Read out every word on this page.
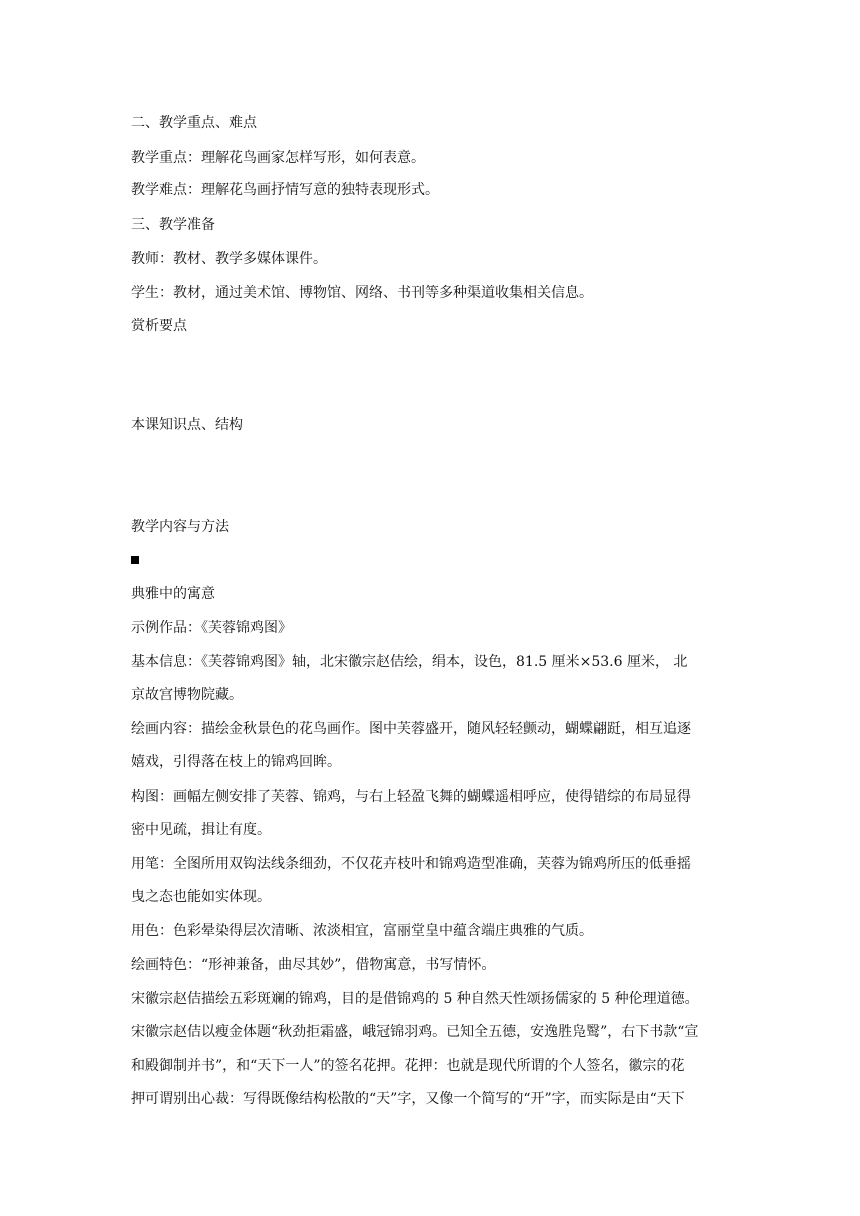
二、教学重点、难点
教学重点：理解花鸟画家怎样写形，如何表意。
教学难点：理解花鸟画抒情写意的独特表现形式。
三、教学准备
教师：教材、教学多媒体课件。
学生：教材，通过美术馆、博物馆、网络、书刊等多种渠道收集相关信息。
赏析要点
本课知识点、结构
教学内容与方法
典雅中的寓意
示例作品：《芙蓉锦鸡图》
基本信息：《芙蓉锦鸡图》轴，北宋徽宗赵佶绘，绢本，设色，81.5 厘米×53.6 厘米， 北
京故宫博物院藏。
绘画内容：描绘金秋景色的花鸟画作。图中芙蓉盛开，随风轻轻颤动，蝴蝶翩跹，相互追逐
嬉戏，引得落在枝上的锦鸡回眸。
构图：画幅左侧安排了芙蓉、锦鸡，与右上轻盈飞舞的蝴蝶遥相呼应，使得错综的布局显得
密中见疏，揖让有度。
用笔：全图所用双钩法线条细劲，不仅花卉枝叶和锦鸡造型准确，芙蓉为锦鸡所压的低垂摇
曳之态也能如实体现。
用色：色彩晕染得层次清晰、浓淡相宜，富丽堂皇中蕴含端庄典雅的气质。
绘画特色：“形神兼备，曲尽其妙”，借物寓意，书写情怀。
宋徽宗赵佶描绘五彩斑斓的锦鸡，目的是借锦鸡的 5 种自然天性颂扬儒家的 5 种伦理道德。
宋徽宗赵佶以瘦金体题“秋劲拒霜盛，峨冠锦羽鸡。已知全五德，安逸胜凫鹥”，右下书款“宣
和殿御制并书”，和“天下一人”的签名花押。花押：也就是现代所谓的个人签名，徽宗的花
押可谓别出心裁：写得既像结构松散的“天”字，又像一个简写的“开”字，而实际是由“天下
